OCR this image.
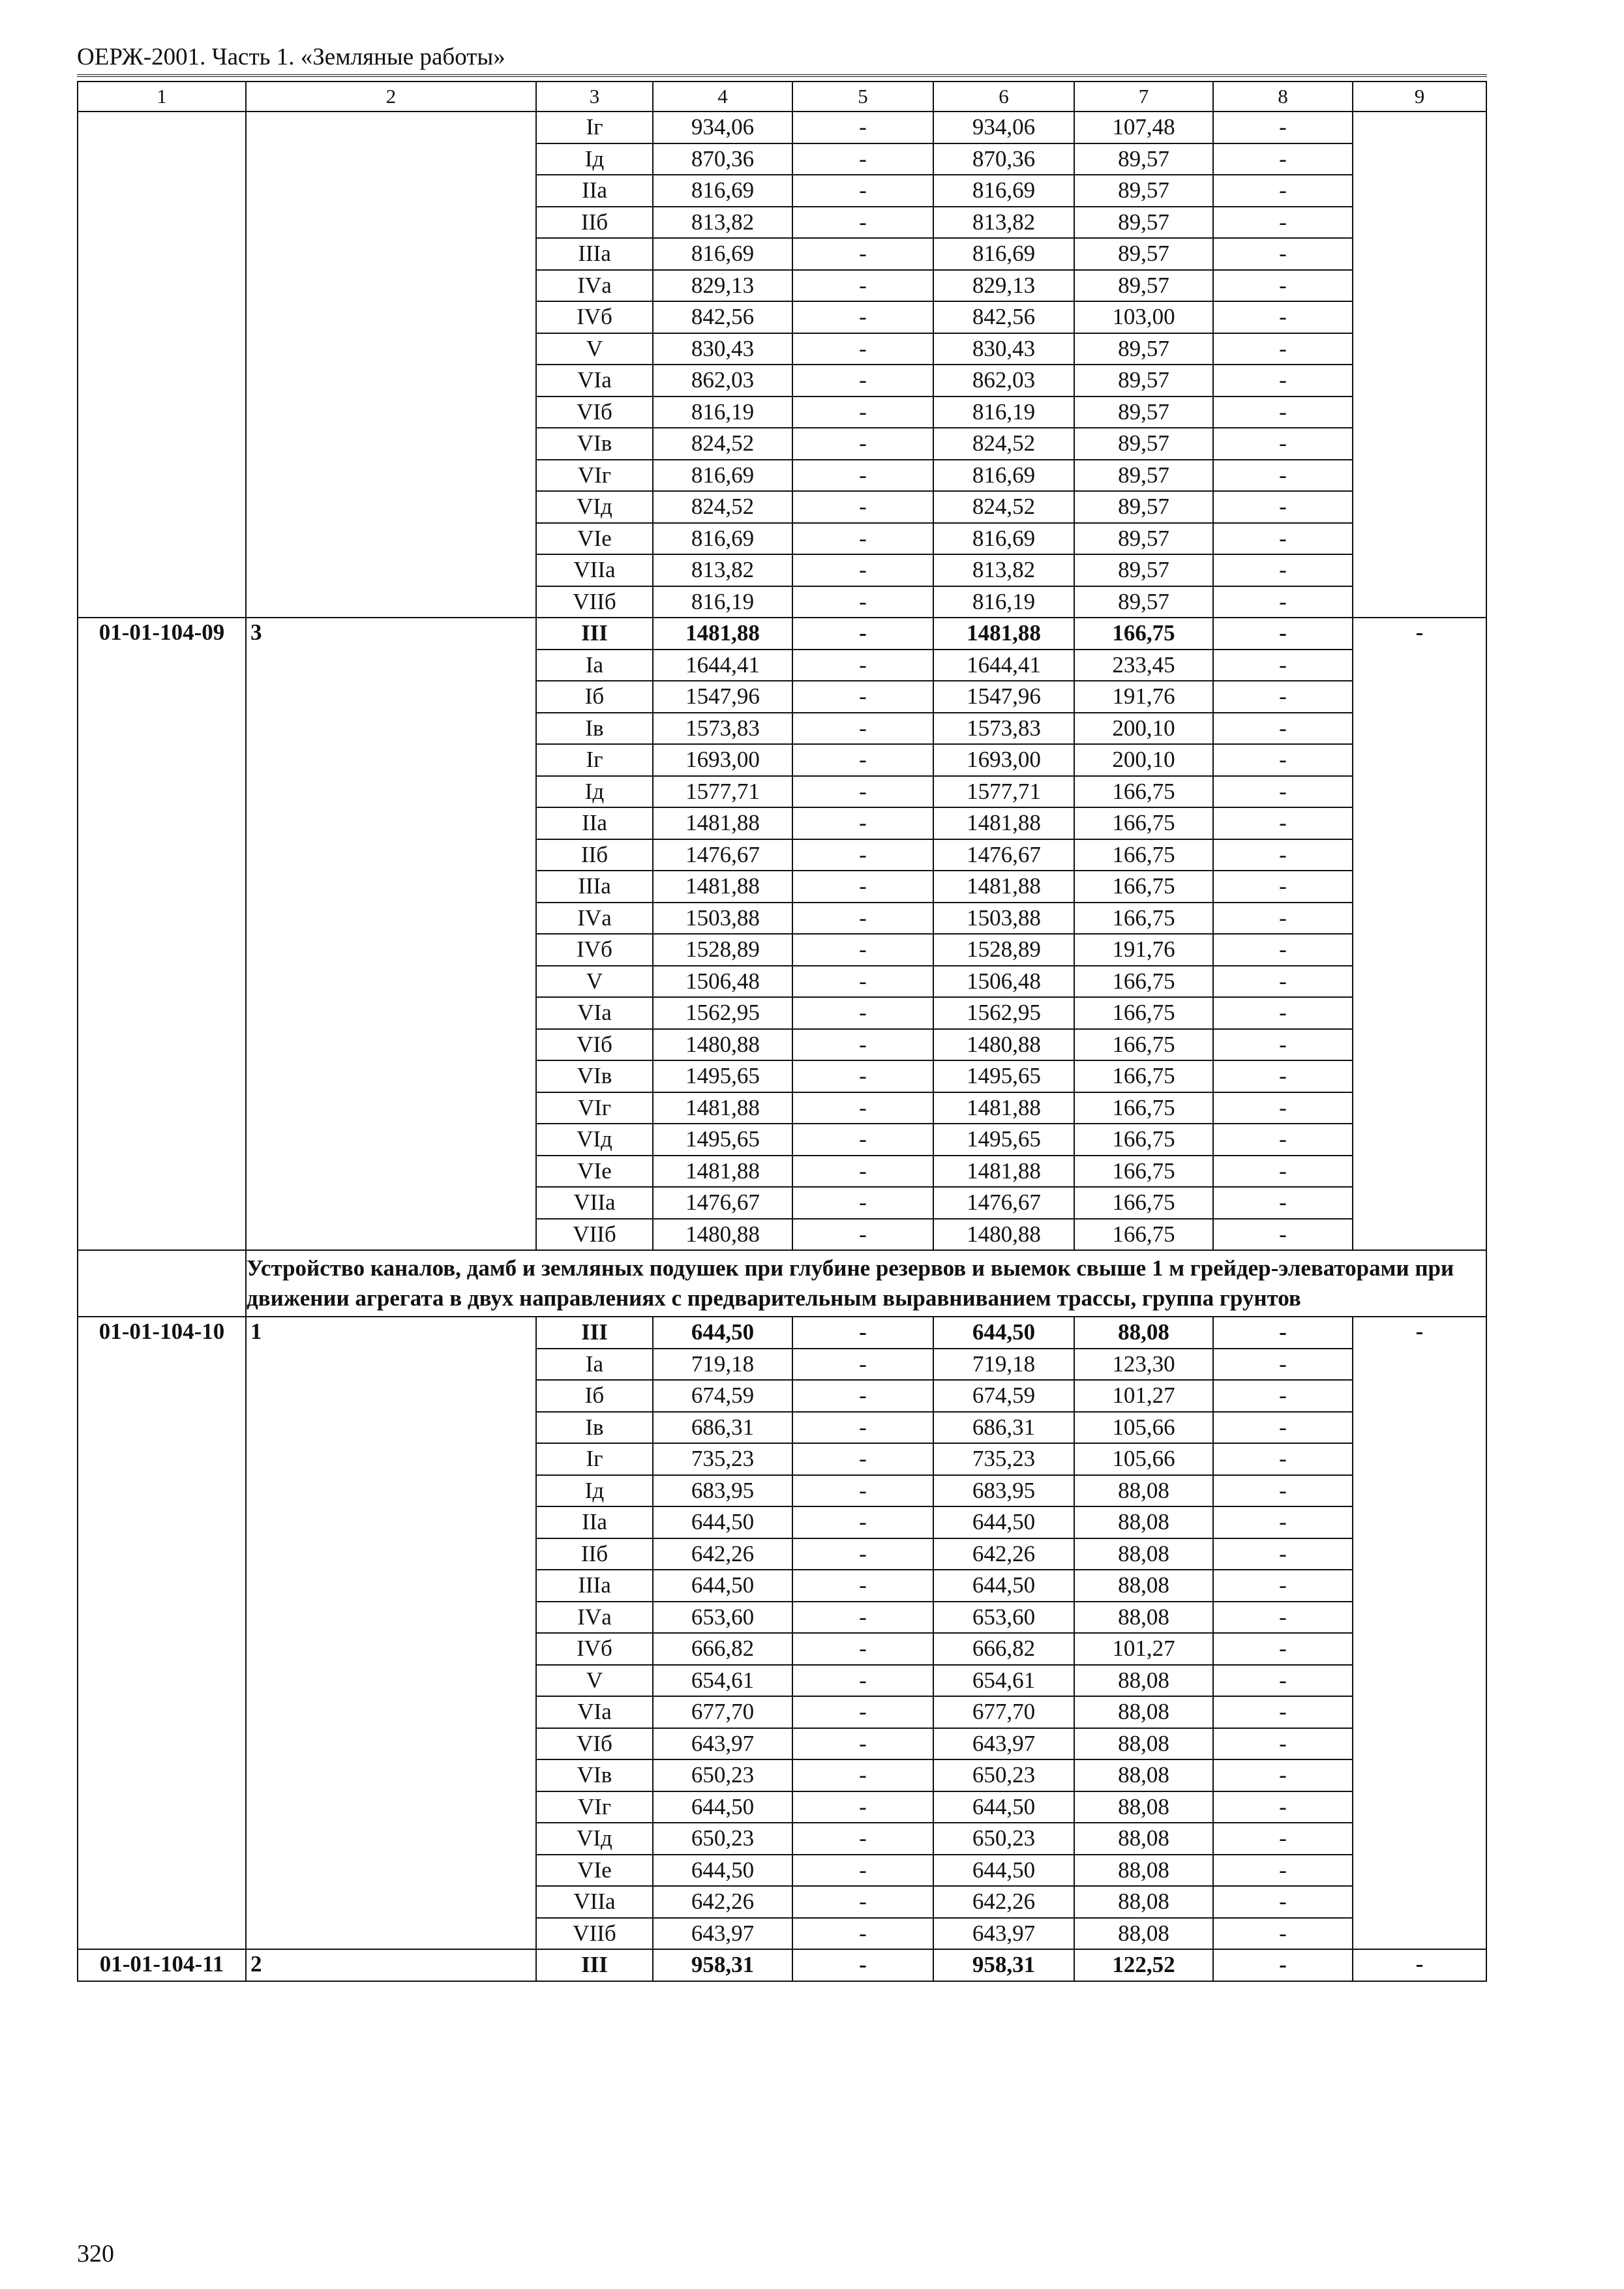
ОЕРЖ-2001. Часть 1. «Земляные работы»
1	2	3	4	5	6	7	8	9
		Iг	934,06	-	934,06	107,48	-	
		Iд	870,36	-	870,36	89,57	-	
		IIа	816,69	-	816,69	89,57	-	
		IIб	813,82	-	813,82	89,57	-	
		IIIа	816,69	-	816,69	89,57	-	
		IVа	829,13	-	829,13	89,57	-	
		IVб	842,56	-	842,56	103,00	-	
		V	830,43	-	830,43	89,57	-	
		VIа	862,03	-	862,03	89,57	-	
		VIб	816,19	-	816,19	89,57	-	
		VIв	824,52	-	824,52	89,57	-	
		VIг	816,69	-	816,69	89,57	-	
		VIд	824,52	-	824,52	89,57	-	
		VIе	816,69	-	816,69	89,57	-	
		VIIа	813,82	-	813,82	89,57	-	
		VIIб	816,19	-	816,19	89,57	-	
01-01-104-09	3	III	1481,88	-	1481,88	166,75	-	-
		Iа	1644,41	-	1644,41	233,45	-	
		Iб	1547,96	-	1547,96	191,76	-	
		Iв	1573,83	-	1573,83	200,10	-	
		Iг	1693,00	-	1693,00	200,10	-	
		Iд	1577,71	-	1577,71	166,75	-	
		IIа	1481,88	-	1481,88	166,75	-	
		IIб	1476,67	-	1476,67	166,75	-	
		IIIа	1481,88	-	1481,88	166,75	-	
		IVа	1503,88	-	1503,88	166,75	-	
		IVб	1528,89	-	1528,89	191,76	-	
		V	1506,48	-	1506,48	166,75	-	
		VIа	1562,95	-	1562,95	166,75	-	
		VIб	1480,88	-	1480,88	166,75	-	
		VIв	1495,65	-	1495,65	166,75	-	
		VIг	1481,88	-	1481,88	166,75	-	
		VIд	1495,65	-	1495,65	166,75	-	
		VIе	1481,88	-	1481,88	166,75	-	
		VIIа	1476,67	-	1476,67	166,75	-	
		VIIб	1480,88	-	1480,88	166,75	-	
	Устройство каналов, дамб и земляных подушек при глубине резервов и выемок свыше 1 м грейдер-элеваторами при движении агрегата в двух направлениях с предварительным выравниванием трассы, группа грунтов							
01-01-104-10	1	III	644,50	-	644,50	88,08	-	-
		Iа	719,18	-	719,18	123,30	-	
		Iб	674,59	-	674,59	101,27	-	
		Iв	686,31	-	686,31	105,66	-	
		Iг	735,23	-	735,23	105,66	-	
		Iд	683,95	-	683,95	88,08	-	
		IIа	644,50	-	644,50	88,08	-	
		IIб	642,26	-	642,26	88,08	-	
		IIIа	644,50	-	644,50	88,08	-	
		IVа	653,60	-	653,60	88,08	-	
		IVб	666,82	-	666,82	101,27	-	
		V	654,61	-	654,61	88,08	-	
		VIа	677,70	-	677,70	88,08	-	
		VIб	643,97	-	643,97	88,08	-	
		VIв	650,23	-	650,23	88,08	-	
		VIг	644,50	-	644,50	88,08	-	
		VIд	650,23	-	650,23	88,08	-	
		VIе	644,50	-	644,50	88,08	-	
		VIIа	642,26	-	642,26	88,08	-	
		VIIб	643,97	-	643,97	88,08	-	
01-01-104-11	2	III	958,31	-	958,31	122,52	-	-
320
